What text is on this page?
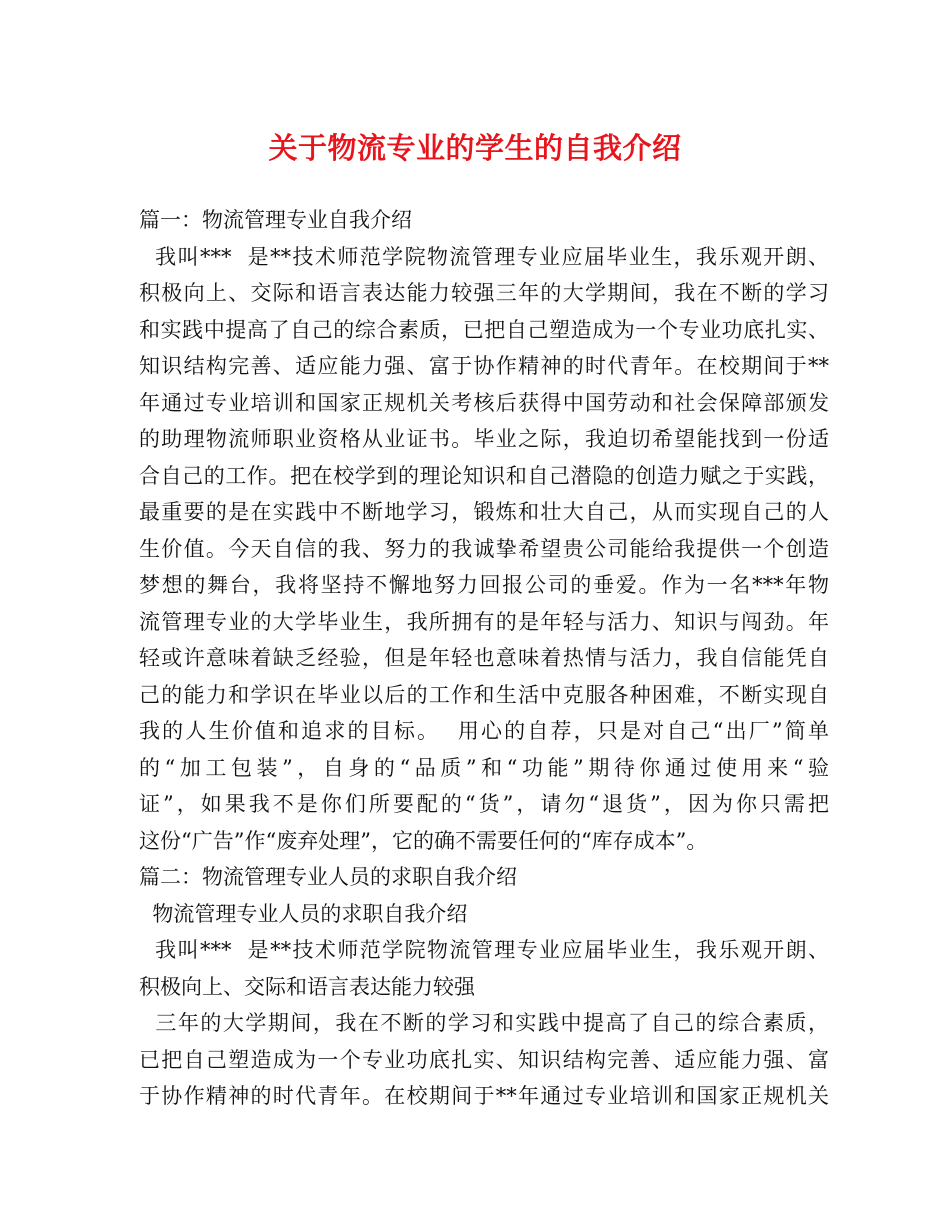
关于物流专业的学生的自我介绍
篇一：物流管理专业自我介绍
我叫***  是**技术师范学院物流管理专业应届毕业生，我乐观开朗、
积极向上、交际和语言表达能力较强三年的大学期间，我在不断的学习
和实践中提高了自己的综合素质，已把自己塑造成为一个专业功底扎实、
知识结构完善、适应能力强、富于协作精神的时代青年。在校期间于**
年通过专业培训和国家正规机关考核后获得中国劳动和社会保障部颁发
的助理物流师职业资格从业证书。毕业之际，我迫切希望能找到一份适
合自己的工作。把在校学到的理论知识和自己潜隐的创造力赋之于实践，
最重要的是在实践中不断地学习，锻炼和壮大自己，从而实现自己的人
生价值。今天自信的我、努力的我诚挚希望贵公司能给我提供一个创造
梦想的舞台，我将坚持不懈地努力回报公司的垂爱。作为一名***年物
流管理专业的大学毕业生，我所拥有的是年轻与活力、知识与闯劲。年
轻或许意味着缺乏经验，但是年轻也意味着热情与活力，我自信能凭自
己的能力和学识在毕业以后的工作和生活中克服各种困难，不断实现自
我的人生价值和追求的目标。  用心的自荐，只是对自己“出厂”简单
的“加工包装”，自身的“品质”和“功能”期待你通过使用来“验
证”，如果我不是你们所要配的“货”，请勿“退货”，因为你只需把
这份“广告”作“废弃处理”，它的确不需要任何的“库存成本”。
篇二：物流管理专业人员的求职自我介绍
物流管理专业人员的求职自我介绍
我叫***  是**技术师范学院物流管理专业应届毕业生，我乐观开朗、
积极向上、交际和语言表达能力较强
三年的大学期间，我在不断的学习和实践中提高了自己的综合素质，
已把自己塑造成为一个专业功底扎实、知识结构完善、适应能力强、富
于协作精神的时代青年。在校期间于**年通过专业培训和国家正规机关
